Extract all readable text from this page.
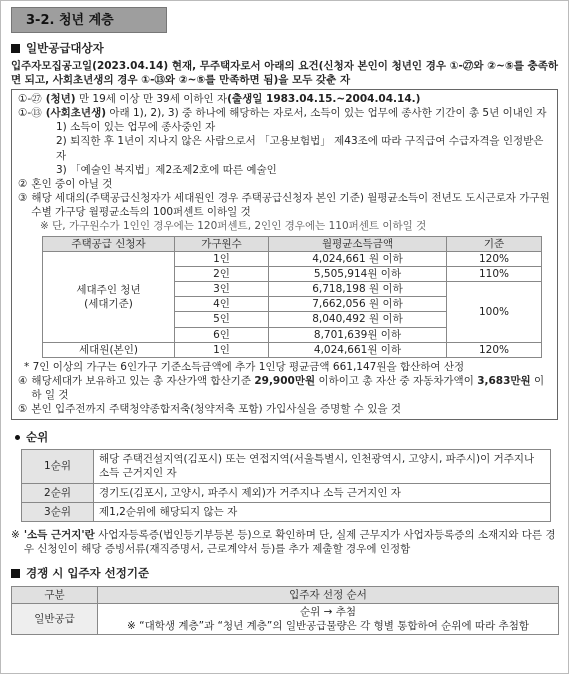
3-2. 청년 계층
일반공급대상자
입주자모집공고일(2023.04.14) 현재, 무주택자로서 아래의 요건(신청자 본인이 청년인 경우 ①-㉗와 ②~⑤를 충족하면 되고, 사회초년생의 경우 ①-⑬와 ②~⑤를 만족하면 됨)을 모두 갖춘 자
①-㉗ (청년) 만 19세 이상 만 39세 이하인 자(출생일 1983.04.15.~2004.04.14.)
①-⑬ (사회초년생) 아래 1), 2), 3) 중 하나에 해당하는 자로서, 소득이 있는 업무에 종사한 기간이 총 5년 이내인 자
1) 소득이 있는 업무에 종사중인 자
2) 퇴직한 후 1년이 지나지 않은 사람으로서 「고용보험법」 제43조에 따라 구직급여 수급자격을 인정받은 자
3) 「예술인 복지법」제2조제2호에 따른 예술인
② 혼인 중이 아닐 것
③ 해당 세대의(주택공급신청자가 세대원인 경우 주택공급신청자 본인 기준) 월평균소득이 전년도 도시근로자 가구원수별 가구당 월평균소득의 100퍼센트 이하일 것
※ 단, 가구원수가 1인인 경우에는 120퍼센트, 2인인 경우에는 110퍼센트 이하일 것
주택공급 신청자	가구원수	월평균소득금액	기준

세대주인 청년
(세대기준)	1인	4,024,661 원 이하	120%
	2인	5,505,914원 이하	110%
	3인	6,718,198 원 이하	100%
	4인	7,662,056 원 이하	
	5인	8,040,492 원 이하	
	6인	8,701,639원 이하	
세대원(본인)	1인	4,024,661원 이하	120%
* 7인 이상의 가구는 6인가구 기준소득금액에 추가 1인당 평균금액 661,147원을 합산하여 산정
④ 해당세대가 보유하고 있는 총 자산가액 합산기준 29,900만원 이하이고 총 자산 중 자동차가액이 3,683만원 이하 일 것
⑤ 본인 입주전까지 주택청약종합저축(청약저축 포함) 가입사실을 증명할 수 있을 것
순위
1순위	해당 주택건설지역(김포시) 또는 연접지역(서울특별시, 인천광역시, 고양시, 파주시)이 거주지나 소득 근거지인 자
2순위	경기도(김포시, 고양시, 파주시 제외)가 거주지나 소득 근거지인 자
3순위	제1,2순위에 해당되지 않는 자
※ '소득 근거지'란 사업자등록증(법인등기부등본 등)으로 확인하며 단, 실제 근무지가 사업자등록증의 소재지와 다른 경우 신청인이 해당 증빙서류(재직증명서, 근로계약서 등)를 추가 제출할 경우에 인정함
경쟁 시 입주자 선정기준
구분	입주자 선정 순서
일반공급	순위 → 추첨
※ “대학생 계층”과 “청년 계층”의 일반공급물량은 각 형별 통합하여 순위에 따라 추첨함
